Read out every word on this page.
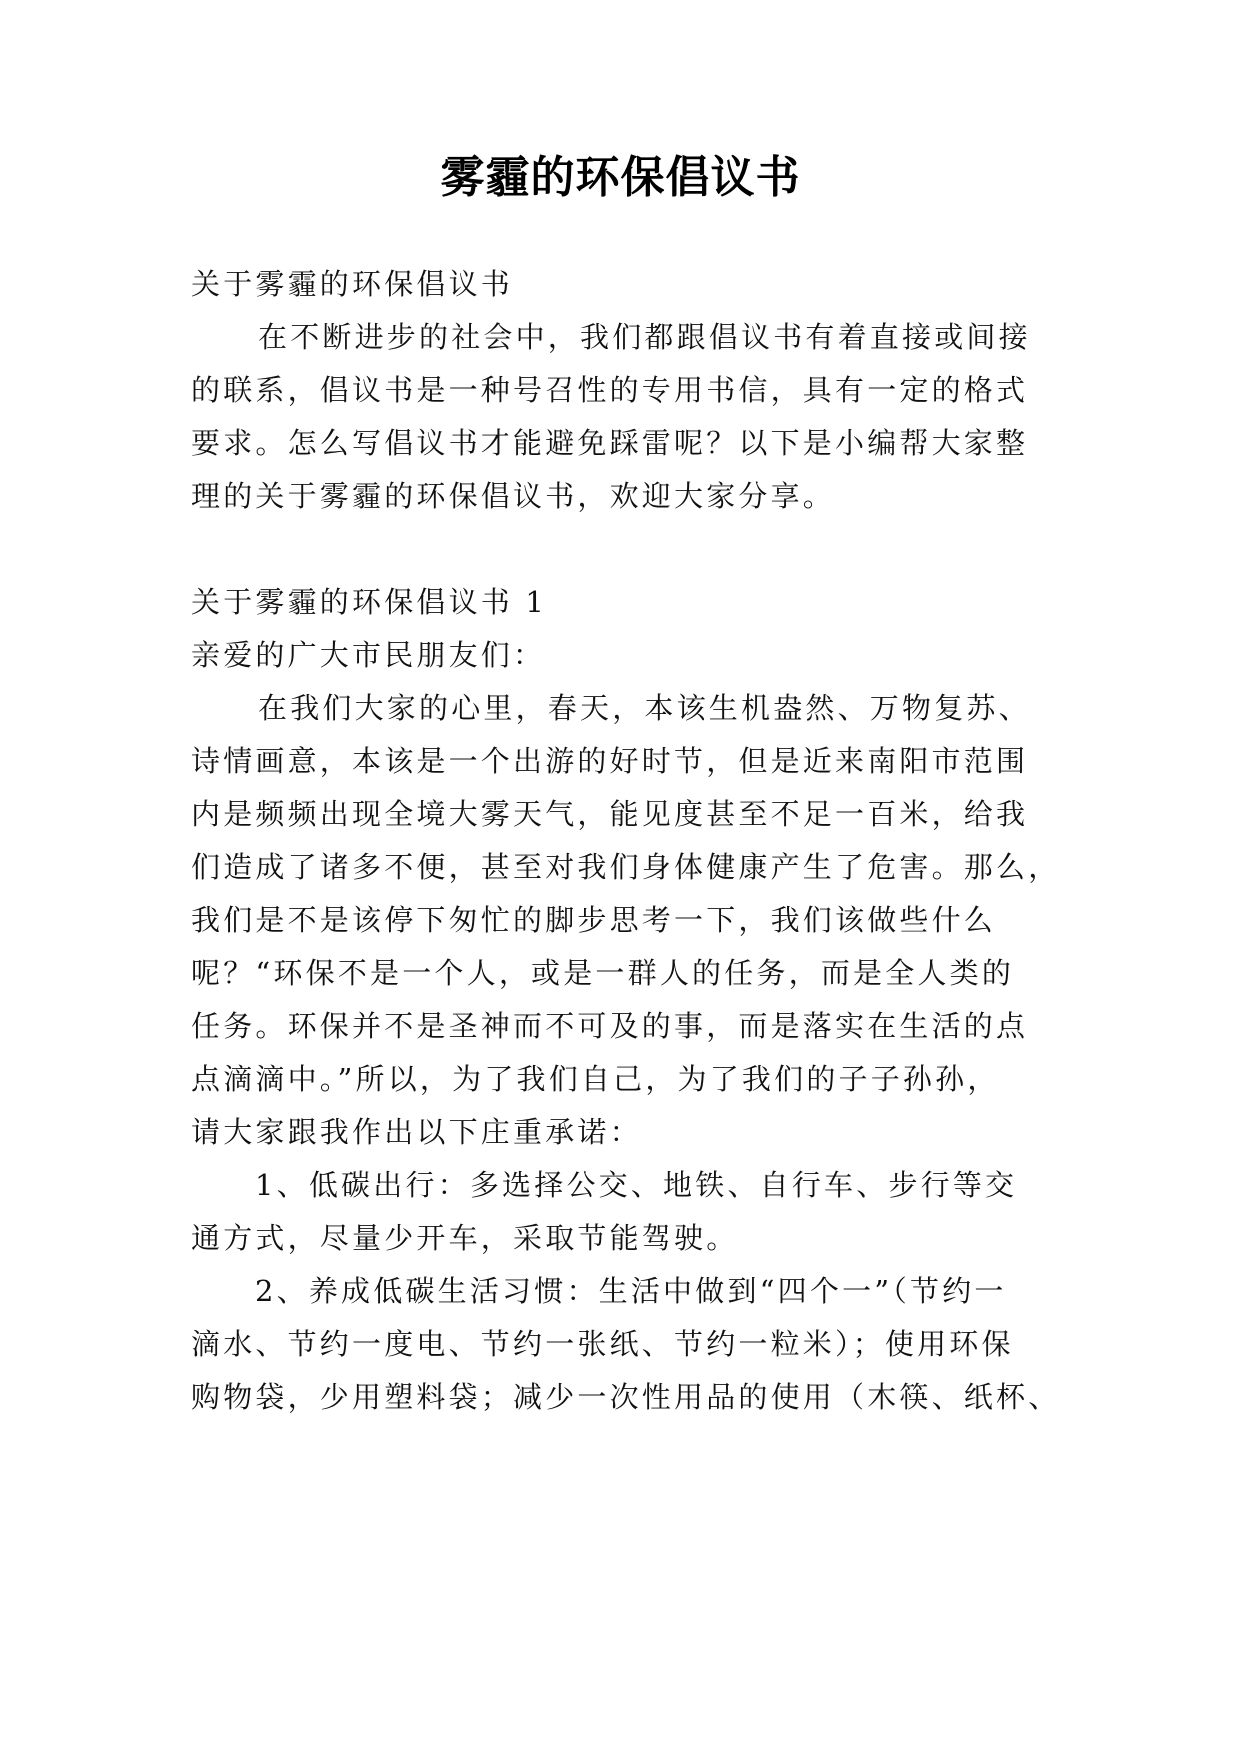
雾霾的环保倡议书
关于雾霾的环保倡议书
在不断进步的社会中，我们都跟倡议书有着直接或间接
的联系，倡议书是一种号召性的专用书信，具有一定的格式
要求。怎么写倡议书才能避免踩雷呢？以下是小编帮大家整
理的关于雾霾的环保倡议书，欢迎大家分享。
关于雾霾的环保倡议书 1
亲爱的广大市民朋友们：
在我们大家的心里，春天，本该生机盎然、万物复苏、
诗情画意，本该是一个出游的好时节，但是近来南阳市范围
内是频频出现全境大雾天气，能见度甚至不足一百米，给我
们造成了诸多不便，甚至对我们身体健康产生了危害。那么，
我们是不是该停下匆忙的脚步思考一下，我们该做些什么
呢？“环保不是一个人，或是一群人的任务，而是全人类的
任务。环保并不是圣神而不可及的事，而是落实在生活的点
点滴滴中。”所以，为了我们自己，为了我们的子子孙孙，
请大家跟我作出以下庄重承诺：
1、低碳出行：多选择公交、地铁、自行车、步行等交
通方式，尽量少开车，采取节能驾驶。
2、养成低碳生活习惯：生活中做到“四个一”（节约一
滴水、节约一度电、节约一张纸、节约一粒米）；使用环保
购物袋，少用塑料袋；减少一次性用品的使用（木筷、纸杯、
